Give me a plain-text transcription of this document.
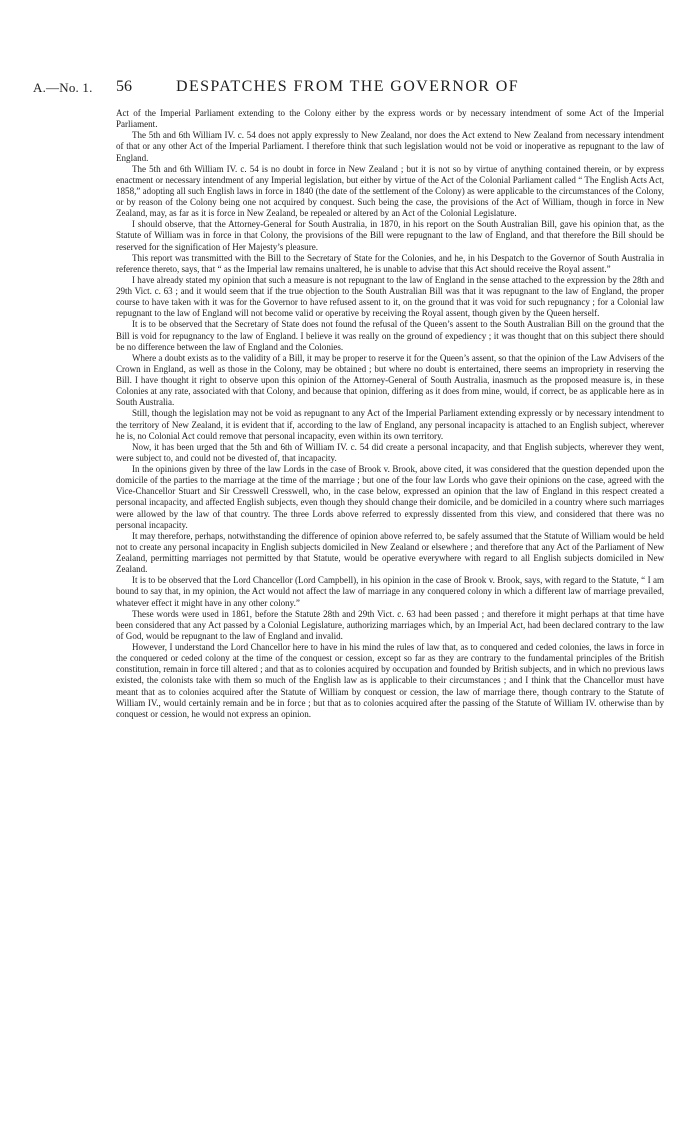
A.—No. 1. 56	DESPATCHES FROM THE GOVERNOR OF

Act of the Imperial Parliament extending to the Colony either by the express words or by necessary intendment of some Act of the Imperial Parliament.

The 5th and 6th William IV. c. 54 does not apply expressly to New Zealand, nor does the Act extend to New Zealand from necessary intendment of that or any other Act of the Imperial Parliament. I therefore think that such legislation would not be void or inoperative as repugnant to the law of England.

The 5th and 6th William IV. c. 54 is no doubt in force in New Zealand ; but it is not so by virtue of anything contained therein, or by express enactment or necessary intendment of any Imperial legislation, but either by virtue of the Act of the Colonial Parliament called “ The English Acts Act, 1858,” adopting all such English laws in force in 1840 (the date of the settlement of the Colony) as were applicable to the circumstances of the Colony, or by reason of the Colony being one not acquired by conquest. Such being the case, the provisions of the Act of William, though in force in New Zealand, may, as far as it is force in New Zealand, be repealed or altered by an Act of the Colonial Legislature.

I should observe, that the Attorney-General for South Australia, in 1870, in his report on the South Australian Bill, gave his opinion that, as the Statute of William was in force in that Colony, the provisions of the Bill were repugnant to the law of England, and that therefore the Bill should be reserved for the signification of Her Majesty’s pleasure.

This report was transmitted with the Bill to the Secretary of State for the Colonies, and he, in his Despatch to the Governor of South Australia in reference thereto, says, that “ as the Imperial law remains unaltered, he is unable to advise that this Act should receive the Royal assent.”

I have already stated my opinion that such a measure is not repugnant to the law of England in the sense attached to the expression by the 28th and 29th Vict. c. 63 ; and it would seem that if the true objection to the South Australian Bill was that it was repugnant to the law of England, the proper course to have taken with it was for the Governor to have refused assent to it, on the ground that it was void for such repugnancy ; for a Colonial law repugnant to the law of England will not become valid or operative by receiving the Royal assent, though given by the Queen herself.

It is to be observed that the Secretary of State does not found the refusal of the Queen’s assent to the South Australian Bill on the ground that the Bill is void for repugnancy to the law of England. I believe it was really on the ground of expediency ; it was thought that on this subject there should be no difference between the law of England and the Colonies.

Where a doubt exists as to the validity of a Bill, it may be proper to reserve it for the Queen’s assent, so that the opinion of the Law Advisers of the Crown in England, as well as those in the Colony, may be obtained ; but where no doubt is entertained, there seems an impropriety in reserving the Bill. I have thought it right to observe upon this opinion of the Attorney-General of South Australia, inasmuch as the proposed measure is, in these Colonies at any rate, associated with that Colony, and because that opinion, differing as it does from mine, would, if correct, be as applicable here as in South Australia.

Still, though the legislation may not be void as repugnant to any Act of the Imperial Parliament extending expressly or by necessary intendment to the territory of New Zealand, it is evident that if, according to the law of England, any personal incapacity is attached to an English subject, wherever he is, no Colonial Act could remove that personal incapacity, even within its own territory.

Now, it has been urged that the 5th and 6th of William IV. c. 54 did create a personal incapacity, and that English subjects, wherever they went, were subject to, and could not be divested of, that incapacity.

In the opinions given by three of the law Lords in the case of Brook v. Brook, above cited, it was considered that the question depended upon the domicile of the parties to the marriage at the time of the marriage ; but one of the four law Lords who gave their opinions on the case, agreed with the Vice-Chancellor Stuart and Sir Cresswell Cresswell, who, in the case below, expressed an opinion that the law of England in this respect created a personal incapacity, and affected English subjects, even though they should change their domicile, and be domiciled in a country where such marriages were allowed by the law of that country. The three Lords above referred to expressly dissented from this view, and considered that there was no personal incapacity.

It may therefore, perhaps, notwithstanding the difference of opinion above referred to, be safely assumed that the Statute of William would be held not to create any personal incapacity in English subjects domiciled in New Zealand or elsewhere ; and therefore that any Act of the Parliament of New Zealand, permitting marriages not permitted by that Statute, would be operative everywhere with regard to all English subjects domiciled in New Zealand.

It is to be observed that the Lord Chancellor (Lord Campbell), in his opinion in the case of Brook v. Brook, says, with regard to the Statute, “ I am bound to say that, in my opinion, the Act would not affect the law of marriage in any conquered colony in which a different law of marriage prevailed, whatever effect it might have in any other colony.”

These words were used in 1861, before the Statute 28th and 29th Vict. c. 63 had been passed ; and therefore it might perhaps at that time have been considered that any Act passed by a Colonial Legislature, authorizing marriages which, by an Imperial Act, had been declared contrary to the law of God, would be repugnant to the law of England and invalid.

However, I understand the Lord Chancellor here to have in his mind the rules of law that, as to conquered and ceded colonies, the laws in force in the conquered or ceded colony at the time of the conquest or cession, except so far as they are contrary to the fundamental principles of the British constitution, remain in force till altered ; and that as to colonies acquired by occupation and founded by British subjects, and in which no previous laws existed, the colonists take with them so much of the English law as is applicable to their circumstances ; and I think that the Chancellor must have meant that as to colonies acquired after the Statute of William by conquest or cession, the law of marriage there, though contrary to the Statute of William IV., would certainly remain and be in force ; but that as to colonies acquired after the passing of the Statute of William IV. otherwise than by conquest or cession, he would not express an opinion.
